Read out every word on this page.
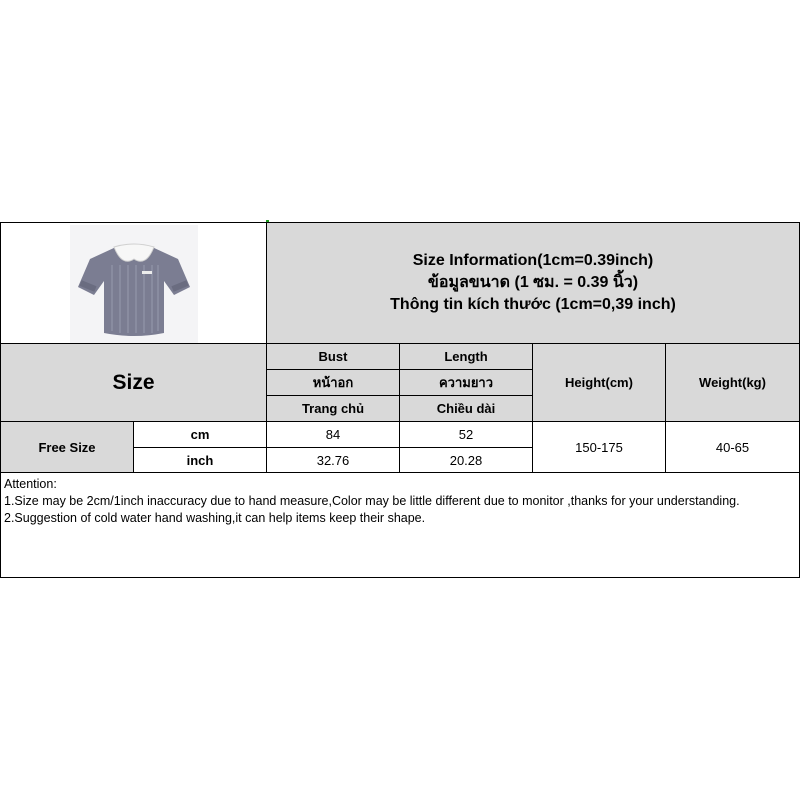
Size Information(1cm=0.39inch)
ข้อมูลขนาด (1 ซม. = 0.39 นิ้ว)
Thông tin kích thước (1cm=0,39 inch)
Size
Bust
หน้าอก
Trang chủ
Length
ความยาว
Chiều dài
Height(cm)	Weight(kg)
Free Size
cm
inch
84
32.76
52
20.28
150-175	40-65
Attention:
1.Size may be 2cm/1inch inaccuracy due to hand measure,Color may be little different due to monitor ,thanks for your understanding.
2.Suggestion of cold water hand washing,it can help items keep their shape.
